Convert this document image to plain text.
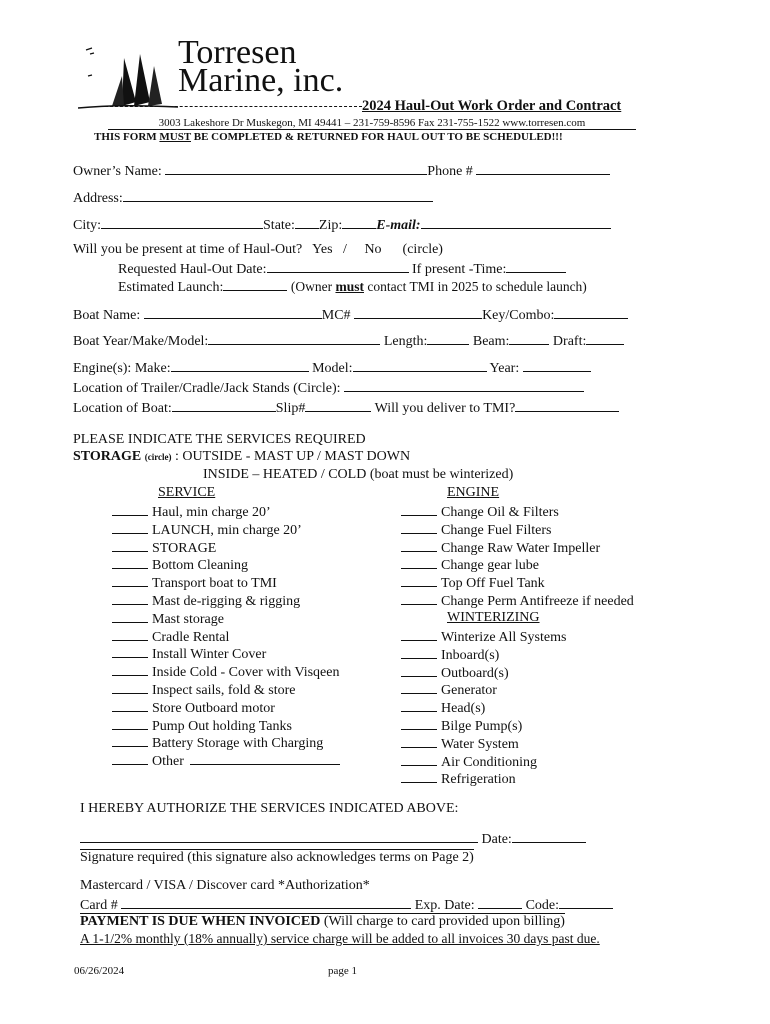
Torresen
Marine, inc.
2024 Haul-Out Work Order and Contract
3003 Lakeshore Dr Muskegon, MI 49441 – 231-759-8596 Fax 231-755-1522 www.torresen.com
THIS FORM MUST BE COMPLETED & RETURNED FOR HAUL OUT TO BE SCHEDULED!!!
Owner’s Name:	Phone #
Address:
City:	State: Zip: E-mail:
Will you be present at time of Haul-Out?   Yes   /     No      (circle)
Requested Haul-Out Date:	If present -Time:
Estimated Launch:	(Owner must contact TMI in 2025 to schedule launch)
Boat Name:	MC#	Key/Combo:
Boat Year/Make/Model:	Length:	Beam:	Draft:
Engine(s): Make:	Model:	Year:
Location of Trailer/Cradle/Jack Stands (Circle):
Location of Boat:	Slip#	Will you deliver to TMI?
PLEASE INDICATE THE SERVICES REQUIRED
STORAGE (circle) : OUTSIDE - MAST UP / MAST DOWN
INSIDE – HEATED / COLD (boat must be winterized)
SERVICE	ENGINE
Haul, min charge 20’
LAUNCH, min charge 20’
STORAGE
Bottom Cleaning
Transport boat to TMI
Mast de-rigging & rigging
Mast storage
Cradle Rental
Install Winter Cover
Inside Cold - Cover with Visqeen
Inspect sails, fold & store
Store Outboard motor
Pump Out holding Tanks
Battery Storage with Charging
Other
Change Oil & Filters
Change Fuel Filters
Change Raw Water Impeller
Change gear lube
Top Off Fuel Tank
Change Perm Antifreeze if needed
WINTERIZING
Winterize All Systems
Inboard(s)
Outboard(s)
Generator
Head(s)
Bilge Pump(s)
Water System
Air Conditioning
Refrigeration
I HEREBY AUTHORIZE THE SERVICES INDICATED ABOVE:
Date:
Signature required (this signature also acknowledges terms on Page 2)
Mastercard / VISA / Discover card *Authorization*
Card #	Exp. Date:	Code:
PAYMENT IS DUE WHEN INVOICED (Will charge to card provided upon billing)
A 1-1/2% monthly (18% annually) service charge will be added to all invoices 30 days past due.
06/26/2024	page 1
